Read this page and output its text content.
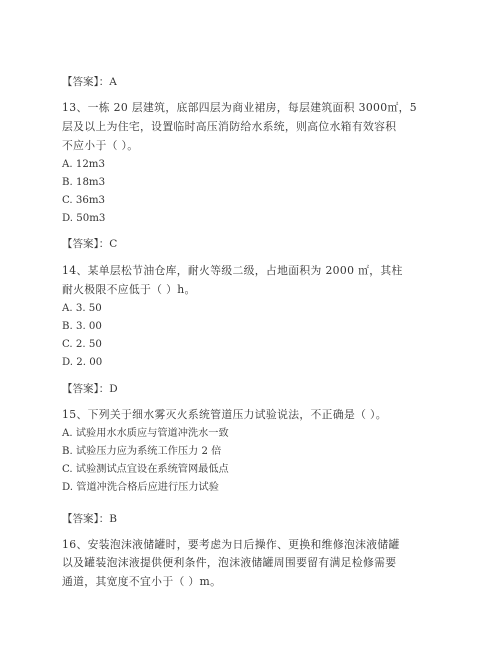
【答案】：A
13、一栋 20 层建筑，底部四层为商业裙房，每层建筑面积 3000㎡，5
层及以上为住宅，设置临时高压消防给水系统，则高位水箱有效容积
不应小于（ ）。
A. 12m3
B. 18m3
C. 36m3
D. 50m3
【答案】：C
14、某单层松节油仓库，耐火等级二级，占地面积为 2000 ㎡，其柱
耐火极限不应低于（ ）h。
A. 3. 50
B. 3. 00
C. 2. 50
D. 2. 00
【答案】：D
15、下列关于细水雾灭火系统管道压力试验说法，不正确是（ ）。
A. 试验用水水质应与管道冲洗水一致
B. 试验压力应为系统工作压力 2 倍
C. 试验测试点宜设在系统管网最低点
D. 管道冲洗合格后应进行压力试验
【答案】：B
16、安装泡沫液储罐时，要考虑为日后操作、更换和维修泡沫液储罐
以及罐装泡沫液提供便利条件，泡沫液储罐周围要留有满足检修需要
通道，其宽度不宜小于（ ）m。
